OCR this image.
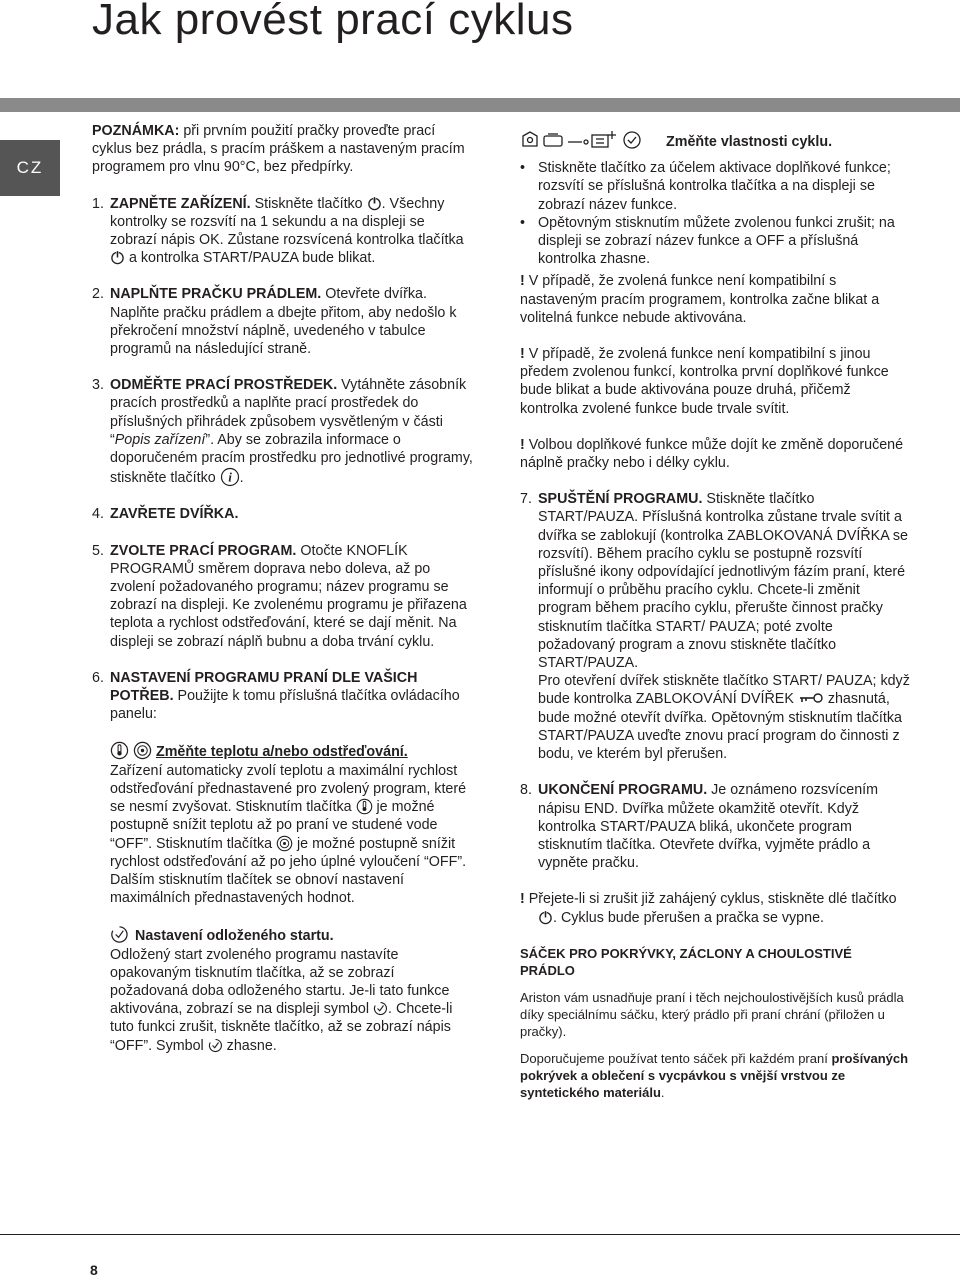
Jak provést prací cyklus
CZ

POZNÁMKA: při prvním použití pračky proveďte prací cyklus bez prádla, s pracím práškem a nastaveným pracím programem pro vlnu 90°C, bez předpírky.

1. ZAPNĚTE ZAŘÍZENÍ. Stiskněte tlačítko . Všechny kontrolky se rozsvítí na 1 sekundu a na displeji se zobrazí nápis OK. Zůstane rozsvícená kontrolka tlačítka  a kontrolka START/PAUZA bude blikat.
2. NAPLŇTE PRAČKU PRÁDLEM. Otevřete dvířka. Naplňte pračku prádlem a dbejte přitom, aby nedošlo k překročení množství náplně, uvedeného v tabulce programů na následující straně.
3. ODMĚŘTE PRACÍ PROSTŘEDEK. Vytáhněte zásobník pracích prostředků a naplňte prací prostředek do příslušných přihrádek způsobem vysvětleným v části “Popis zařízení”. Aby se zobrazila informace o doporučeném pracím prostředku pro jednotlivé programy, stiskněte tlačítko i .
4. ZAVŘETE DVÍŘKA.
5. ZVOLTE PRACÍ PROGRAM. Otočte KNOFLÍK PROGRAMŮ směrem doprava nebo doleva, až po zvolení požadovaného programu; název programu se zobrazí na displeji. Ke zvolenému programu je přiřazena teplota a rychlost odstřeďování, které se dají měnit. Na displeji se zobrazí náplň bubnu a doba trvání cyklu.
6. NASTAVENÍ PROGRAMU PRANÍ DLE VAŠICH POTŘEB. Použijte k tomu příslušná tlačítka ovládacího panelu:

Změňte teplotu a/nebo odstřeďování.

Zařízení automaticky zvolí teplotu a maximální rychlost odstřeďování přednastavené pro zvolený program, které se nesmí zvyšovat. Stisknutím tlačítka  je možné postupně snížit teplotu až po praní ve studené vode “OFF”. Stisknutím tlačítka  je možné postupně snížit rychlost odstřeďování až po jeho úplné vyloučení “OFF”. Dalším stisknutím tlačítek se obnoví nastavení maximálních přednastavených hodnot.

Nastavení odloženého startu.

Odložený start zvoleného programu nastavíte opakovaným tisknutím tlačítka, až se zobrazí požadovaná doba odloženého startu. Je-li tato funkce aktivována, zobrazí se na displeji symbol . Chcete-li tuto funkci zrušit, tiskněte tlačítko, až se zobrazí nápis “OFF”. Symbol  zhasne.

Změňte vlastnosti cyklu.

• Stiskněte tlačítko za účelem aktivace doplňkové funkce; rozsvítí se příslušná kontrolka tlačítka a na displeji se zobrazí název funkce.
• Opětovným stisknutím můžete zvolenou funkci zrušit; na displeji se zobrazí název funkce a OFF a příslušná kontrolka zhasne.

! V případě, že zvolená funkce není kompatibilní s nastaveným pracím programem, kontrolka začne blikat a volitelná funkce nebude aktivována.

! V případě, že zvolená funkce není kompatibilní s jinou předem zvolenou funkcí, kontrolka první doplňkové funkce bude blikat a bude aktivována pouze druhá, přičemž kontrolka zvolené funkce bude trvale svítit.

! Volbou doplňkové funkce může dojít ke změně doporučené náplně pračky nebo i délky cyklu.

7. SPUŠTĚNÍ PROGRAMU. Stiskněte tlačítko START/PAUZA. Příslušná kontrolka zůstane trvale svítit a dvířka se zablokují (kontrolka ZABLOKOVANÁ DVÍŘKA se rozsvítí). Během pracího cyklu se postupně rozsvítí příslušné ikony odpovídající jednotlivým fázím praní, které informují o průběhu pracího cyklu. Chcete-li změnit program během pracího cyklu, přerušte činnost pračky stisknutím tlačítka START/ PAUZA; poté zvolte požadovaný program a znovu stiskněte tlačítko START/PAUZA.

Pro otevření dvířek stiskněte tlačítko START/ PAUZA; když bude kontrolka ZABLOKOVÁNÍ DVÍŘEK  zhasnutá, bude možné otevřít dvířka. Opětovným stisknutím tlačítka START/PAUZA uveďte znovu prací program do činnosti z bodu, ve kterém byl přerušen.

8. UKONČENÍ PROGRAMU. Je oznámeno rozsvícením nápisu END. Dvířka můžete okamžitě otevřít. Když kontrolka START/PAUZA bliká, ukončete program stisknutím tlačítka. Otevřete dvířka, vyjměte prádlo a vypněte pračku.

! Přejete-li si zrušit již zahájený cyklus, stiskněte dlé tlačítko . Cyklus bude přerušen a pračka se vypne.

SÁČEK PRO POKRÝVKY, ZÁCLONY A CHOULOSTIVÉ PRÁDLO

Ariston vám usnadňuje praní i těch nejchoulostivějších kusů prádla díky speciálnímu sáčku, který prádlo při praní chrání (přiložen u pračky).

Doporučujeme používat tento sáček při každém praní prošívaných pokrývek a oblečení s vycpávkou s vnější vrstvou ze syntetického materiálu.

8
